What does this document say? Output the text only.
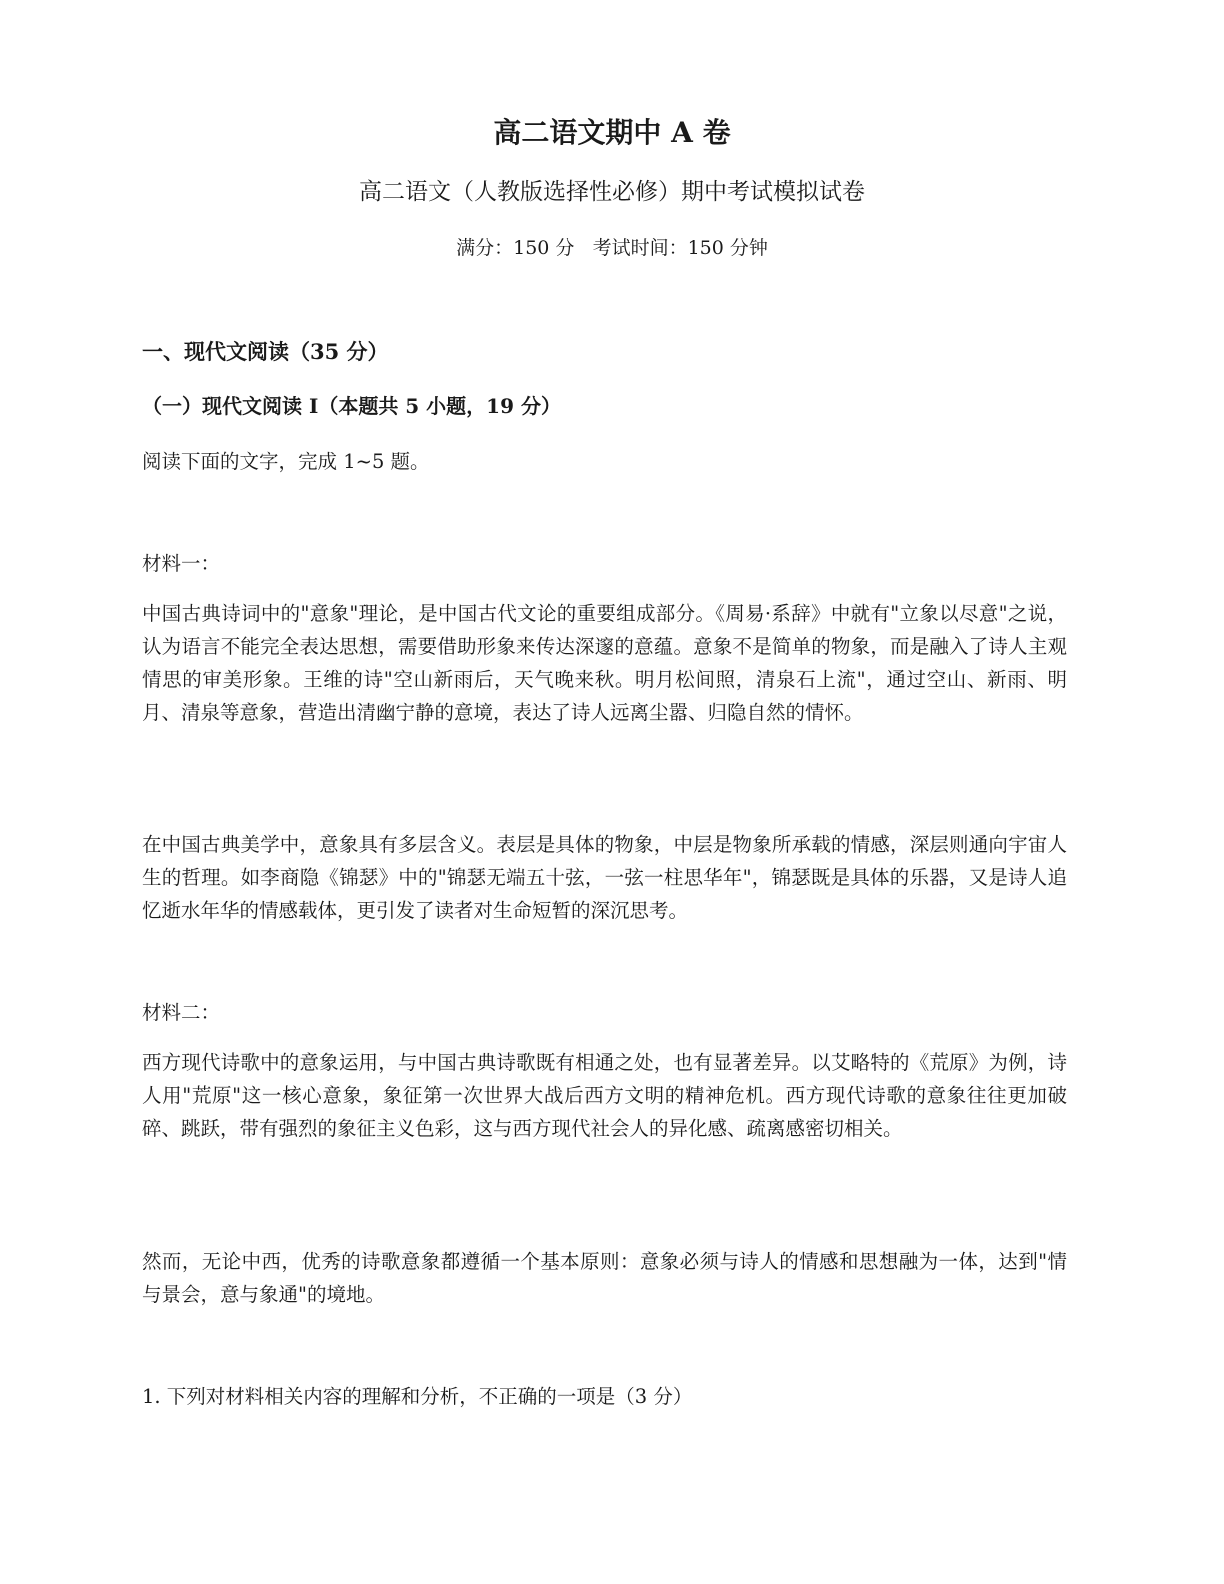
高二语文期中 A 卷
高二语文（人教版选择性必修）期中考试模拟试卷
满分：150 分 考试时间：150 分钟
一、现代文阅读（35 分）
（一）现代文阅读 I（本题共 5 小题，19 分）

阅读下面的文字，完成 1~5 题。

材料一：

中国古典诗词中的"意象"理论，是中国古代文论的重要组成部分。《周易·系辞》中就有"立象以尽意"之说，认为语言不能完全表达思想，需要借助形象来传达深邃的意蕴。意象不是简单的物象，而是融入了诗人主观情思的审美形象。王维的诗"空山新雨后，天气晚来秋。明月松间照，清泉石上流"，通过空山、新雨、明月、清泉等意象，营造出清幽宁静的意境，表达了诗人远离尘嚣、归隐自然的情怀。

在中国古典美学中，意象具有多层含义。表层是具体的物象，中层是物象所承载的情感，深层则通向宇宙人生的哲理。如李商隐《锦瑟》中的"锦瑟无端五十弦，一弦一柱思华年"，锦瑟既是具体的乐器，又是诗人追忆逝水年华的情感载体，更引发了读者对生命短暂的深沉思考。

材料二：

西方现代诗歌中的意象运用，与中国古典诗歌既有相通之处，也有显著差异。以艾略特的《荒原》为例，诗人用"荒原"这一核心意象，象征第一次世界大战后西方文明的精神危机。西方现代诗歌的意象往往更加破碎、跳跃，带有强烈的象征主义色彩，这与西方现代社会人的异化感、疏离感密切相关。

然而，无论中西，优秀的诗歌意象都遵循一个基本原则：意象必须与诗人的情感和思想融为一体，达到"情与景会，意与象通"的境地。

1. 下列对材料相关内容的理解和分析，不正确的一项是（3 分）
